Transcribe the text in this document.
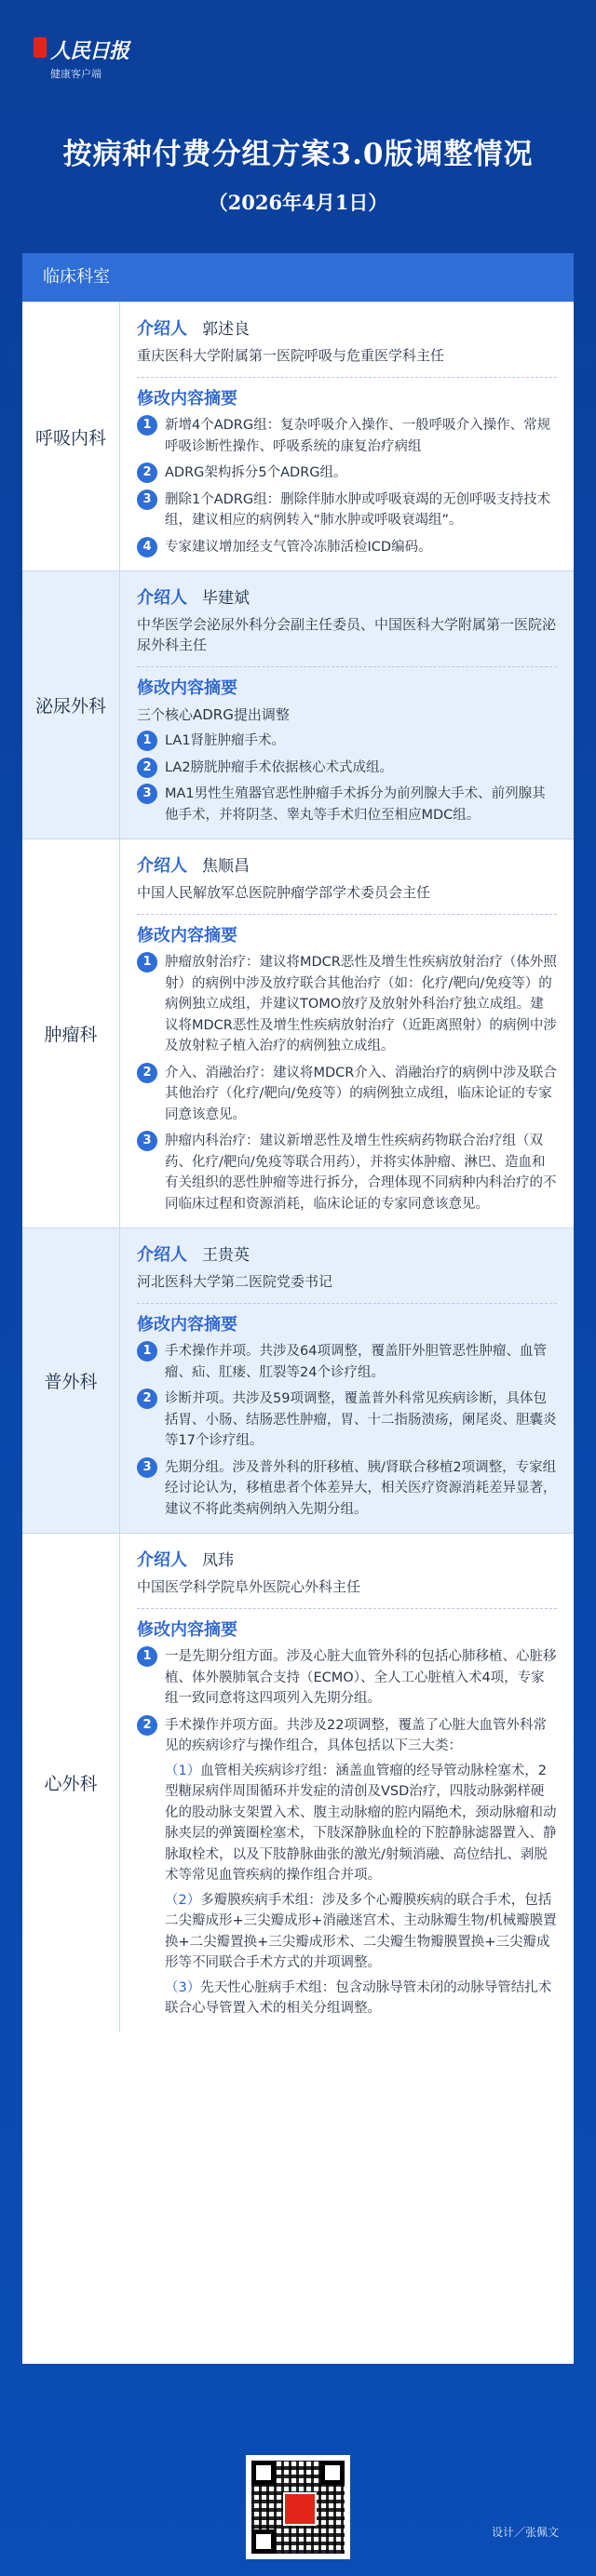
人民日报
健康客户端
按病种付费分组方案3.0版调整情况
（2026年4月1日）
临床科室
呼吸内科
介绍人 郭述良
重庆医科大学附属第一医院呼吸与危重医学科主任
修改内容摘要
1 新增4个ADRG组：复杂呼吸介入操作、一般呼吸介入操作、常规呼吸诊断性操作、呼吸系统的康复治疗病组
2 ADRG架构拆分5个ADRG组。
3 删除1个ADRG组：删除伴肺水肿或呼吸衰竭的无创呼吸支持技术组，建议相应的病例转入“肺水肿或呼吸衰竭组”。
4 专家建议增加经支气管冷冻肺活检ICD编码。
泌尿外科
介绍人 毕建斌
中华医学会泌尿外科分会副主任委员、中国医科大学附属第一医院泌尿外科主任
修改内容摘要
三个核心ADRG提出调整
1 LA1肾脏肿瘤手术。
2 LA2膀胱肿瘤手术依据核心术式成组。
3 MA1男性生殖器官恶性肿瘤手术拆分为前列腺大手术、前列腺其他手术，并将阴茎、睾丸等手术归位至相应MDC组。
肿瘤科
介绍人 焦顺昌
中国人民解放军总医院肿瘤学部学术委员会主任
修改内容摘要
1 肿瘤放射治疗：建议将MDCR恶性及增生性疾病放射治疗（体外照射）的病例中涉及放疗联合其他治疗（如：化疗/靶向/免疫等）的病例独立成组，并建议TOMO放疗及放射外科治疗独立成组。建议将MDCR恶性及增生性疾病放射治疗（近距离照射）的病例中涉及放射粒子植入治疗的病例独立成组。
2 介入、消融治疗：建议将MDCR介入、消融治疗的病例中涉及联合其他治疗（化疗/靶向/免疫等）的病例独立成组，临床论证的专家同意该意见。
3 肿瘤内科治疗：建议新增恶性及增生性疾病药物联合治疗组（双药、化疗/靶向/免疫等联合用药），并将实体肿瘤、淋巴、造血和有关组织的恶性肿瘤等进行拆分，合理体现不同病种内科治疗的不同临床过程和资源消耗，临床论证的专家同意该意见。
普外科
介绍人 王贵英
河北医科大学第二医院党委书记
修改内容摘要
1 手术操作并项。共涉及64项调整，覆盖肝外胆管恶性肿瘤、血管瘤、疝、肛瘘、肛裂等24个诊疗组。
2 诊断并项。共涉及59项调整，覆盖普外科常见疾病诊断，具体包括胃、小肠、结肠恶性肿瘤，胃、十二指肠溃疡，阑尾炎、胆囊炎等17个诊疗组。
3 先期分组。涉及普外科的肝移植、胰/肾联合移植2项调整，专家组经讨论认为，移植患者个体差异大，相关医疗资源消耗差异显著，建议不将此类病例纳入先期分组。
心外科
介绍人 凤玮
中国医学科学院阜外医院心外科主任
修改内容摘要
1 一是先期分组方面。涉及心脏大血管外科的包括心肺移植、心脏移植、体外膜肺氧合支持（ECMO）、全人工心脏植入术4项，专家组一致同意将这四项列入先期分组。
2 手术操作并项方面。共涉及22项调整，覆盖了心脏大血管外科常见的疾病诊疗与操作组合，具体包括以下三大类：
（1）血管相关疾病诊疗组：涵盖血管瘤的经导管动脉栓塞术，2型糖尿病伴周围循环并发症的清创及VSD治疗，四肢动脉粥样硬化的股动脉支架置入术、腹主动脉瘤的腔内隔绝术，颈动脉瘤和动脉夹层的弹簧圈栓塞术，下肢深静脉血栓的下腔静脉滤器置入、静脉取栓术，以及下肢静脉曲张的激光/射频消融、高位结扎、剥脱术等常见血管疾病的操作组合并项。
（2）多瓣膜疾病手术组：涉及多个心瓣膜疾病的联合手术，包括二尖瓣成形+三尖瓣成形+消融迷宫术、主动脉瓣生物/机械瓣膜置换+二尖瓣置换+三尖瓣成形术、二尖瓣生物瓣膜置换+三尖瓣成形等不同联合手术方式的并项调整。
（3）先天性心脏病手术组：包含动脉导管未闭的动脉导管结扎术联合心导管置入术的相关分组调整。
设计／张佩文
